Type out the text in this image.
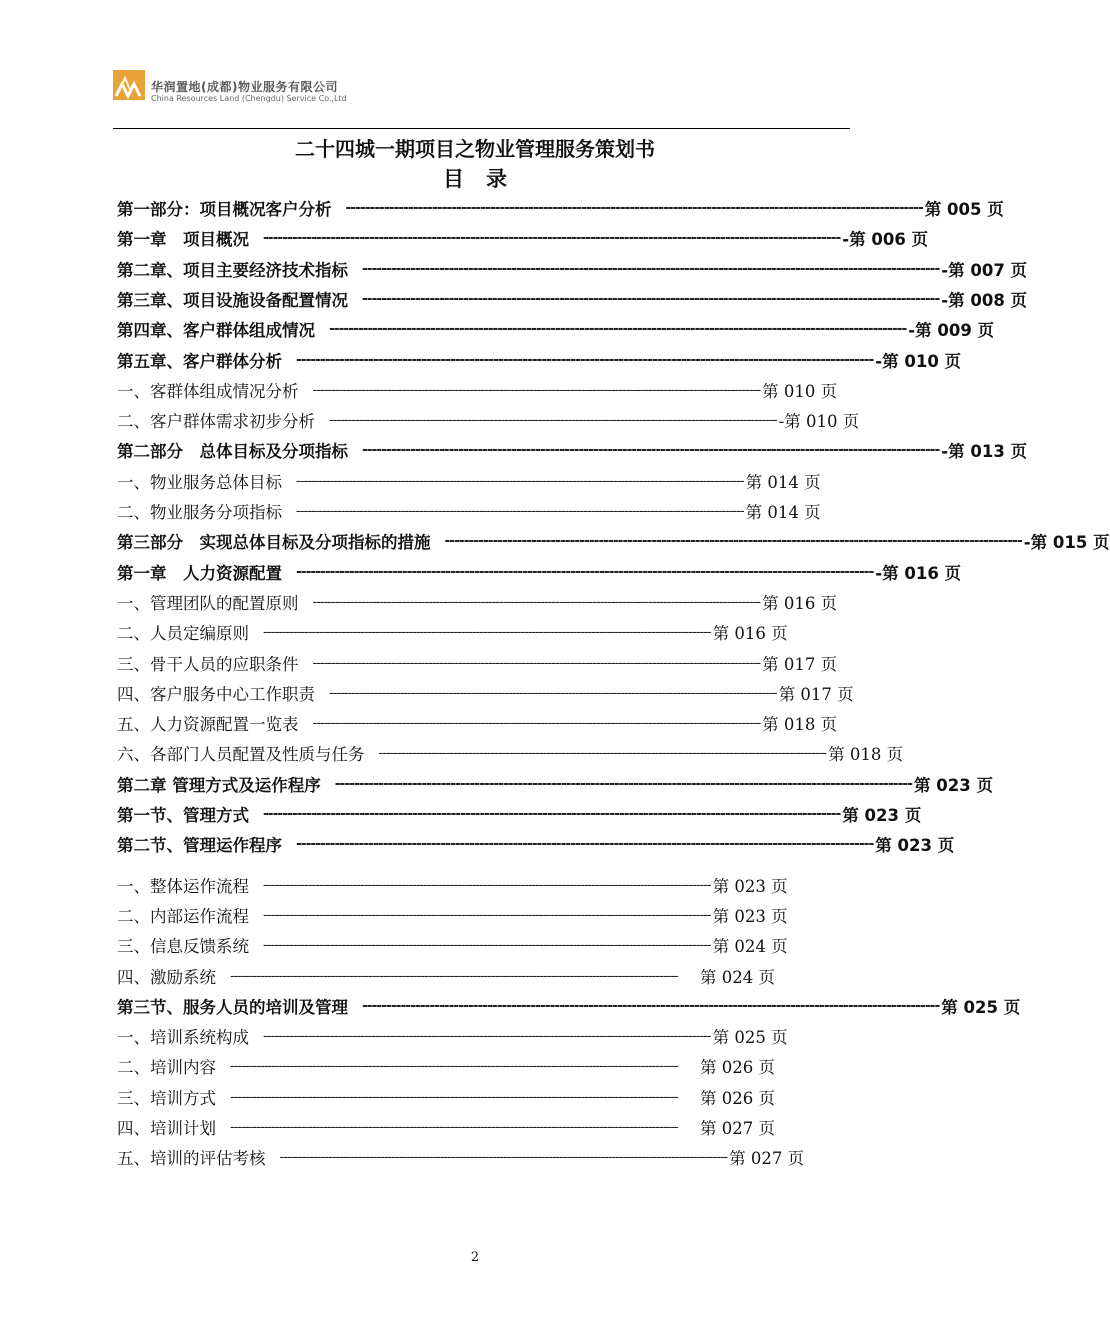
华润置地(成都)物业服务有限公司
China Resources Land (Chengdu) Service Co.,Ltd
二十四城一期项目之物业管理服务策划书
目   录
第一部分：项目概况客户分析 ------------------------------------------------------------------------------------------------------------------------ 第 005 页
第一章　项目概况 ------------------------------------------------------------------------------------------------------------------------ -第 006 页
第二章、项目主要经济技术指标 ------------------------------------------------------------------------------------------------------------------------ -第 007 页
第三章、项目设施设备配置情况 ------------------------------------------------------------------------------------------------------------------------ -第 008 页
第四章、客户群体组成情况 ------------------------------------------------------------------------------------------------------------------------ -第 009 页
第五章、客户群体分析 ------------------------------------------------------------------------------------------------------------------------ -第 010 页
一、客群体组成情况分析 ------------------------------------------------------------------------------------------------------------------------ 第 010 页
二、客户群体需求初步分析 ------------------------------------------------------------------------------------------------------------------------ -第 010 页
第二部分　总体目标及分项指标 ------------------------------------------------------------------------------------------------------------------------ -第 013 页
一、物业服务总体目标 ------------------------------------------------------------------------------------------------------------------------ 第 014 页
二、物业服务分项指标 ------------------------------------------------------------------------------------------------------------------------ 第 014 页
第三部分　实现总体目标及分项指标的措施 ------------------------------------------------------------------------------------------------------------------------ -第 015 页
第一章　人力资源配置 ------------------------------------------------------------------------------------------------------------------------ -第 016 页
一、管理团队的配置原则 ------------------------------------------------------------------------------------------------------------------------ 第 016 页
二、人员定编原则 ------------------------------------------------------------------------------------------------------------------------ 第 016 页
三、骨干人员的应职条件 ------------------------------------------------------------------------------------------------------------------------ 第 017 页
四、客户服务中心工作职责 ------------------------------------------------------------------------------------------------------------------------ 第 017 页
五、人力资源配置一览表 ------------------------------------------------------------------------------------------------------------------------ 第 018 页
六、各部门人员配置及性质与任务 ------------------------------------------------------------------------------------------------------------------------ 第 018 页
第二章 管理方式及运作程序 ------------------------------------------------------------------------------------------------------------------------ 第 023 页
第一节、管理方式 ------------------------------------------------------------------------------------------------------------------------ 第 023 页
第二节、管理运作程序 ------------------------------------------------------------------------------------------------------------------------ 第 023 页
一、整体运作流程 ------------------------------------------------------------------------------------------------------------------------ 第 023 页
二、内部运作流程 ------------------------------------------------------------------------------------------------------------------------ 第 023 页
三、信息反馈系统 ------------------------------------------------------------------------------------------------------------------------ 第 024 页
四、激励系统 ------------------------------------------------------------------------------------------------------------------------	第 024 页
第三节、服务人员的培训及管理 ------------------------------------------------------------------------------------------------------------------------ 第 025 页
一、培训系统构成 ------------------------------------------------------------------------------------------------------------------------ 第 025 页
二、培训内容 ------------------------------------------------------------------------------------------------------------------------	第 026 页
三、培训方式 ------------------------------------------------------------------------------------------------------------------------	第 026 页
四、培训计划 ------------------------------------------------------------------------------------------------------------------------	第 027 页
五、培训的评估考核 ------------------------------------------------------------------------------------------------------------------------ 第 027 页
2
